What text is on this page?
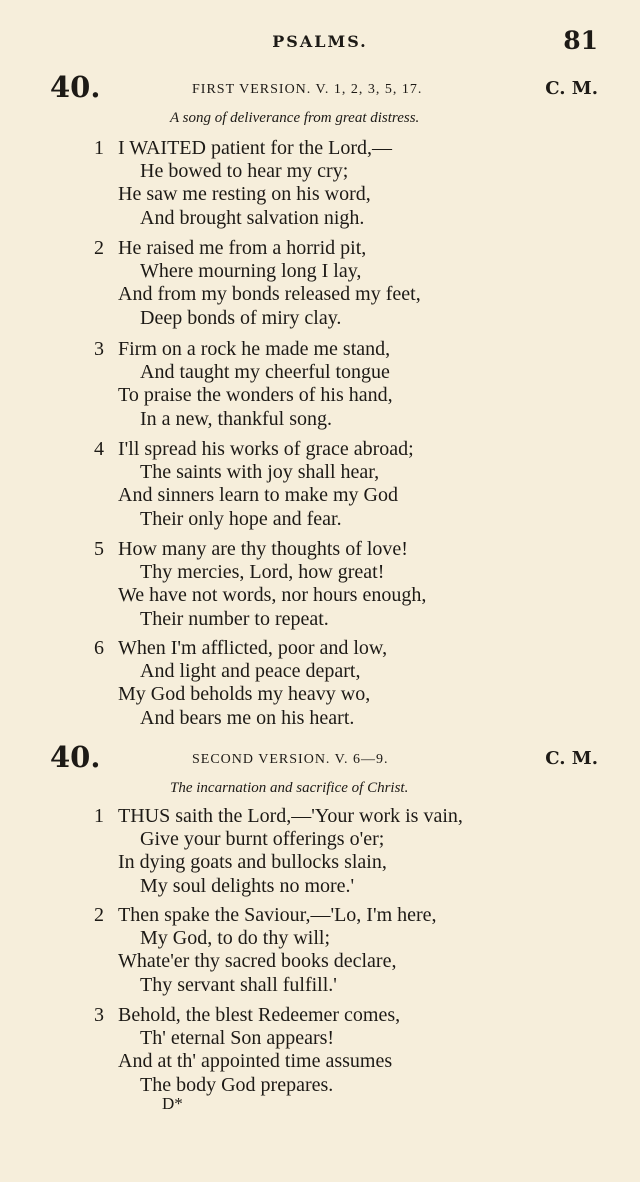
PSALMS.	81
40.	FIRST VERSION. V. 1, 2, 3, 5, 17.	C. M.
A song of deliverance from great distress.
1 I WAITED patient for the Lord,—
He bowed to hear my cry;
He saw me resting on his word,
And brought salvation nigh.
2 He raised me from a horrid pit,
Where mourning long I lay,
And from my bonds released my feet,
Deep bonds of miry clay.
3 Firm on a rock he made me stand,
And taught my cheerful tongue
To praise the wonders of his hand,
In a new, thankful song.
4 I'll spread his works of grace abroad;
The saints with joy shall hear,
And sinners learn to make my God
Their only hope and fear.
5 How many are thy thoughts of love!
Thy mercies, Lord, how great!
We have not words, nor hours enough,
Their number to repeat.
6 When I'm afflicted, poor and low,
And light and peace depart,
My God beholds my heavy wo,
And bears me on his heart.
40.	SECOND VERSION. V. 6—9.	C. M.
The incarnation and sacrifice of Christ.
1 THUS saith the Lord,—'Your work is vain,
Give your burnt offerings o'er;
In dying goats and bullocks slain,
My soul delights no more.'
2 Then spake the Saviour,—'Lo, I'm here,
My God, to do thy will;
Whate'er thy sacred books declare,
Thy servant shall fulfill.'
3 Behold, the blest Redeemer comes,
Th' eternal Son appears!
And at th' appointed time assumes
The body God prepares.
D*
